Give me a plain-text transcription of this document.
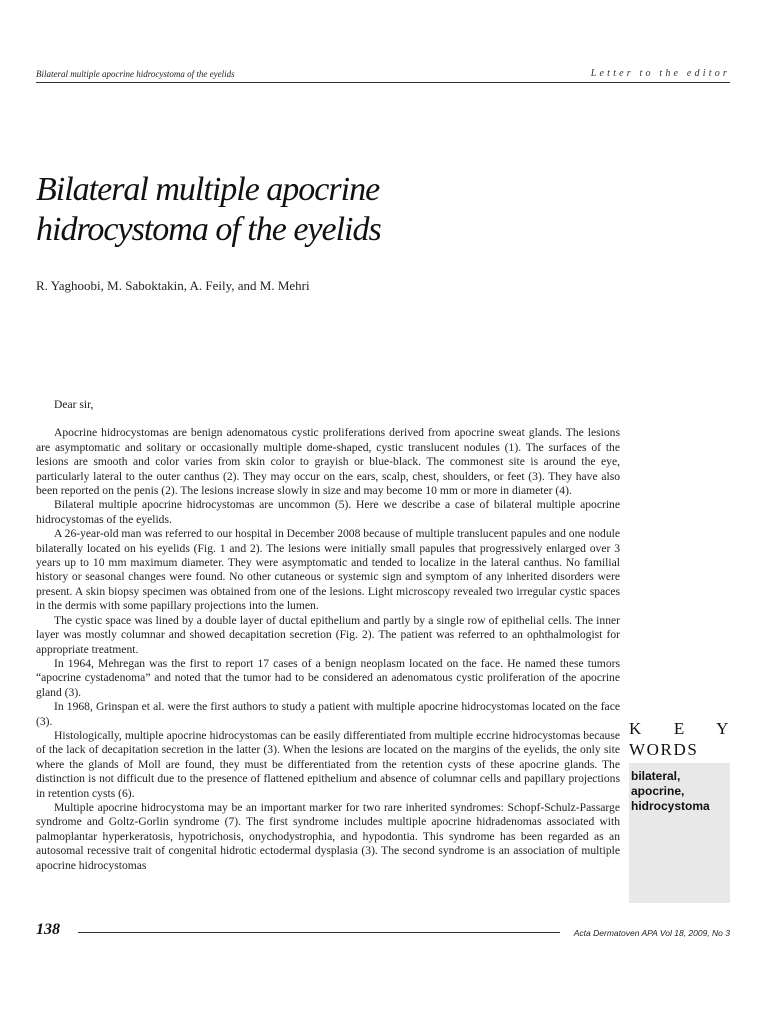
Bilateral multiple apocrine hidrocystoma of the eyelids	Letter to the editor
Bilateral multiple apocrine
hidrocystoma of the eyelids
R. Yaghoobi, M. Saboktakin, A. Feily, and M. Mehri

Dear sir,

Apocrine hidrocystomas are benign adenomatous cystic proliferations derived from apocrine sweat glands. The lesions are asymptomatic and solitary or occasionally multiple dome-shaped, cystic translucent nodules (1). The surfaces of the lesions are smooth and color varies from skin color to grayish or blue-black. The commonest site is around the eye, particularly lateral to the outer canthus (2). They may occur on the ears, scalp, chest, shoulders, or feet (3). They have also been reported on the penis (2). The lesions increase slowly in size and may become 10 mm or more in diameter (4).

Bilateral multiple apocrine hidrocystomas are uncommon (5). Here we describe a case of bilateral multiple apocrine hidrocystomas of the eyelids.

A 26-year-old man was referred to our hospital in December 2008 because of multiple translucent papules and one nodule bilaterally located on his eyelids (Fig. 1 and 2). The lesions were initially small papules that progressively enlarged over 3 years up to 10 mm maximum diameter. They were asymptomatic and tended to localize in the lateral canthus. No familial history or seasonal changes were found. No other cutaneous or systemic sign and symptom of any inherited disorders were present. A skin biopsy specimen was obtained from one of the lesions. Light microscopy revealed two irregular cystic spaces in the dermis with some papillary projections into the lumen.

The cystic space was lined by a double layer of ductal epithelium and partly by a single row of epithelial cells. The inner layer was mostly columnar and showed decapitation secretion (Fig. 2). The patient was referred to an ophthalmologist for appropriate treatment.

In 1964, Mehregan was the first to report 17 cases of a benign neoplasm located on the face. He named these tumors “apocrine cystadenoma” and noted that the tumor had to be considered an adenomatous cystic proliferation of the apocrine gland (3).

In 1968, Grinspan et al. were the first authors to study a patient with multiple apocrine hidrocystomas located on the face (3).

Histologically, multiple apocrine hidrocystomas can be easily differentiated from multiple eccrine hidrocystomas because of the lack of decapitation secretion in the latter (3). When the lesions are located on the margins of the eyelids, the only site where the glands of Moll are found, they must be differentiated from the retention cysts of these apocrine glands. The distinction is not difficult due to the presence of flattened epithelium and absence of columnar cells and papillary projections in retention cysts (6).

Multiple apocrine hidrocystoma may be an important marker for two rare inherited syndromes: Schopf-Schulz-Passarge syndrome and Goltz-Gorlin syndrome (7). The first syndrome includes multiple apocrine hidradenomas associated with palmoplantar hyperkeratosis, hypotrichosis, onychodystrophia, and hypodontia. This syndrome has been regarded as an autosomal recessive trait of congenital hidrotic ectodermal dysplasia (3). The second syndrome is an association of multiple apocrine hidrocystomas

K E Y
WORDS
bilateral,
apocrine,
hidrocystoma
138	Acta Dermatoven APA Vol 18, 2009, No 3
